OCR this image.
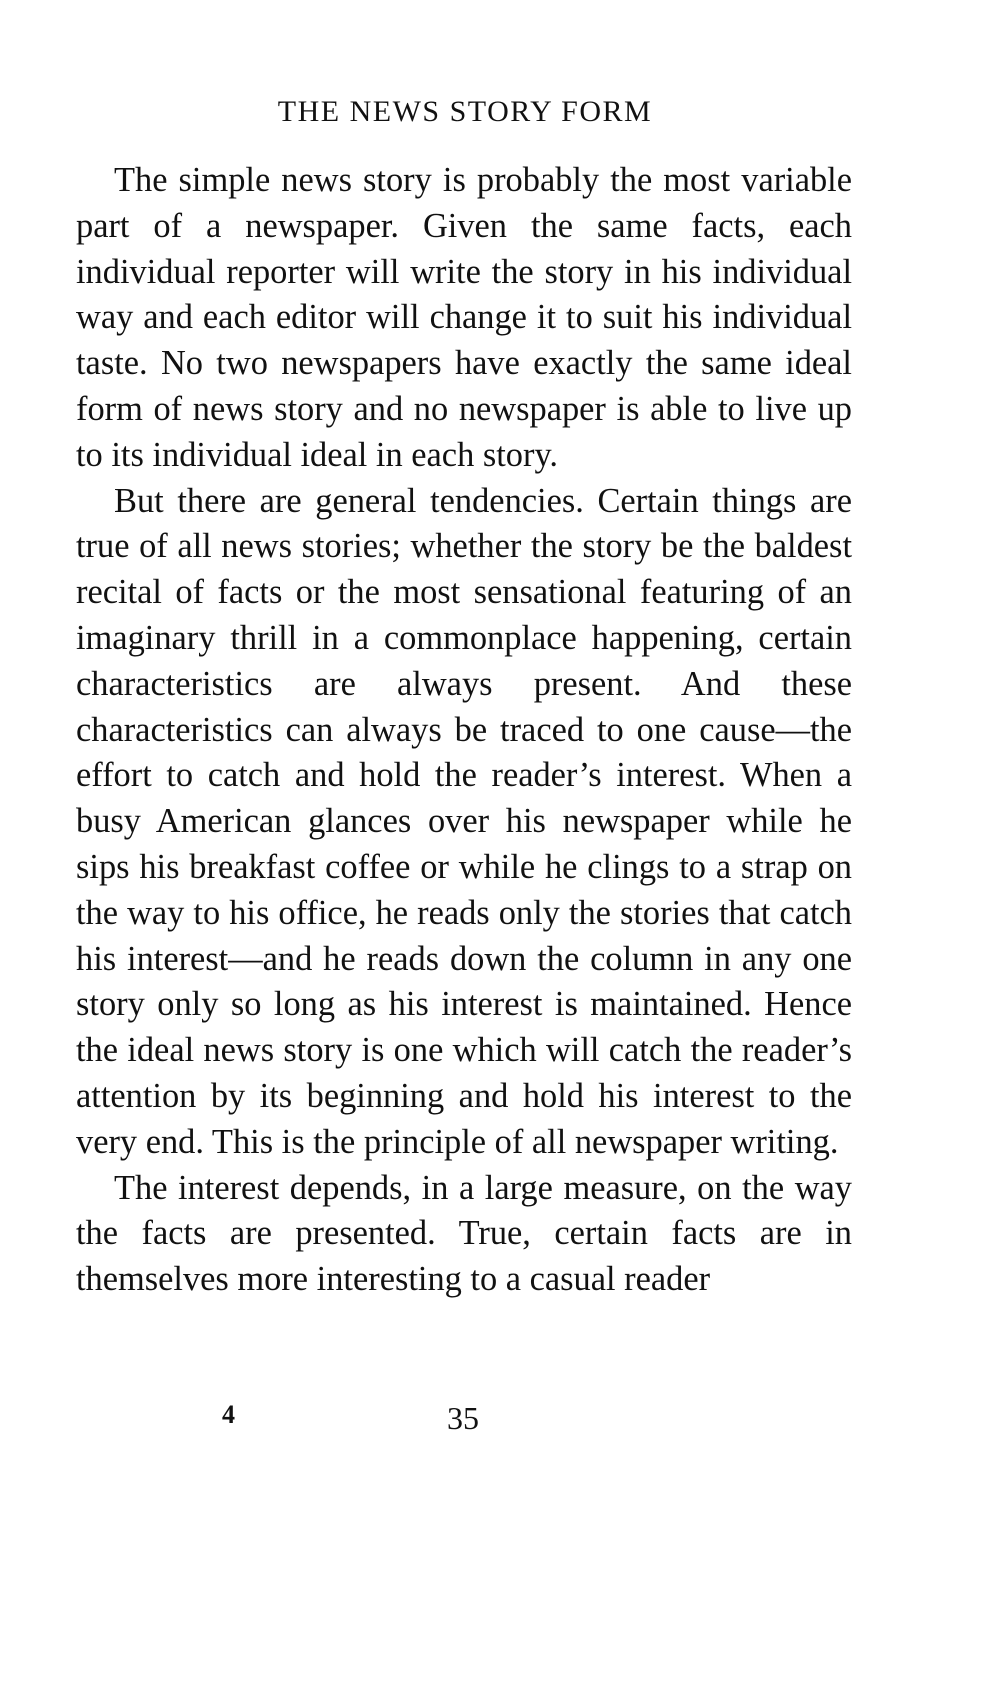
THE NEWS STORY FORM

The simple news story is probably the most variable part of a newspaper. Given the same facts, each individual reporter will write the story in his individual way and each editor will change it to suit his individual taste. No two newspapers have exactly the same ideal form of news story and no newspaper is able to live up to its individual ideal in each story.

But there are general tendencies. Certain things are true of all news stories; whether the story be the baldest recital of facts or the most sensational featuring of an imaginary thrill in a commonplace happening, certain characteristics are always present. And these characteristics can always be traced to one cause—the effort to catch and hold the reader’s interest. When a busy American glances over his newspaper while he sips his breakfast coffee or while he clings to a strap on the way to his office, he reads only the stories that catch his interest—and he reads down the column in any one story only so long as his interest is maintained. Hence the ideal news story is one which will catch the reader’s attention by its beginning and hold his interest to the very end. This is the principle of all newspaper writing.

The interest depends, in a large measure, on the way the facts are presented. True, certain facts are in themselves more interesting to a casual reader

4	35
